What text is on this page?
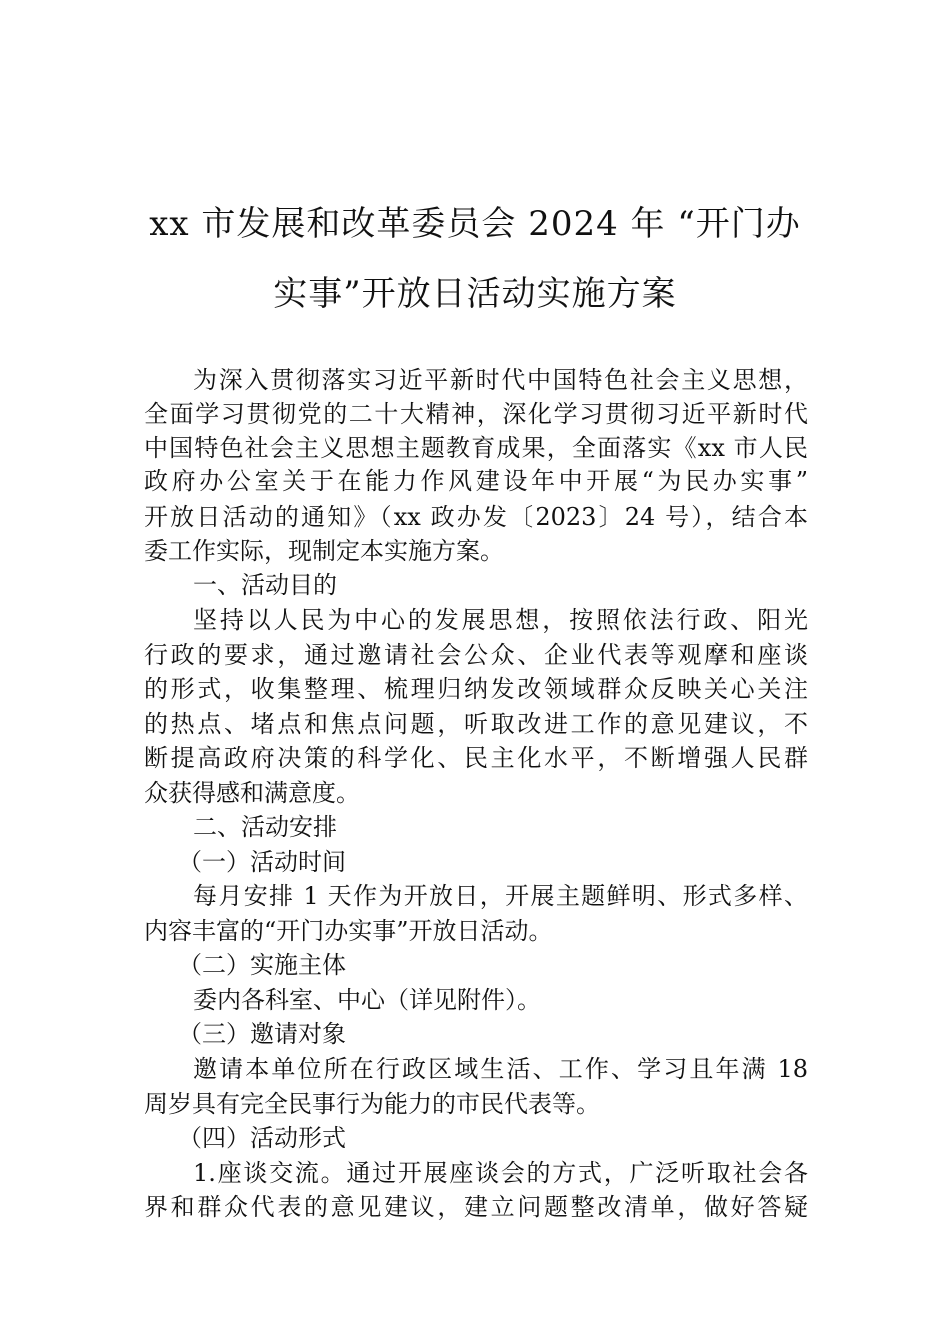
xx 市发展和改革委员会 2024 年 “开门办
实事”开放日活动实施方案
为深入贯彻落实习近平新时代中国特色社会主义思想，
全面学习贯彻党的二十大精神，深化学习贯彻习近平新时代
中国特色社会主义思想主题教育成果，全面落实《xx 市人民
政府办公室关于在能力作风建设年中开展“为民办实事”
开放日活动的通知》（xx 政办发〔2023〕24 号），结合本
委工作实际，现制定本实施方案。
一、活动目的
坚持以人民为中心的发展思想，按照依法行政、阳光
行政的要求，通过邀请社会公众、企业代表等观摩和座谈
的形式，收集整理、梳理归纳发改领域群众反映关心关注
的热点、堵点和焦点问题，听取改进工作的意见建议，不
断提高政府决策的科学化、民主化水平，不断增强人民群
众获得感和满意度。
二、活动安排
（一）活动时间
每月安排 1 天作为开放日，开展主题鲜明、形式多样、
内容丰富的“开门办实事”开放日活动。
（二）实施主体
委内各科室、中心（详见附件）。
（三）邀请对象
邀请本单位所在行政区域生活、工作、学习且年满 18
周岁具有完全民事行为能力的市民代表等。
（四）活动形式
1.座谈交流。通过开展座谈会的方式，广泛听取社会各
界和群众代表的意见建议，建立问题整改清单，做好答疑
